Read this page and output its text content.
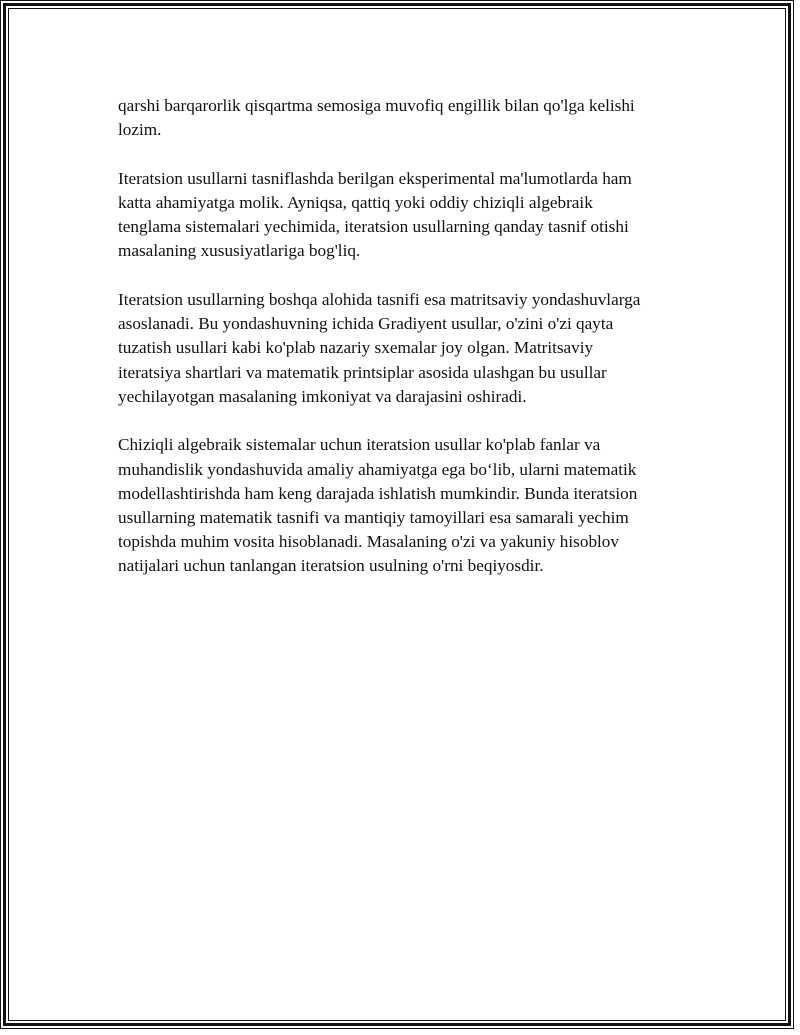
qarshi barqarorlik qisqartma semosiga muvofiq engillik bilan qo'lga kelishi
lozim.

Iteratsion usullarni tasniflashda berilgan eksperimental ma'lumotlarda ham
katta ahamiyatga molik. Ayniqsa, qattiq yoki oddiy chiziqli algebraik
tenglama sistemalari yechimida, iteratsion usullarning qanday tasnif otishi
masalaning xususiyatlariga bog'liq.

Iteratsion usullarning boshqa alohida tasnifi esa matritsaviy yondashuvlarga
asoslanadi. Bu yondashuvning ichida Gradiyent usullar, o'zini o'zi qayta
tuzatish usullari kabi ko'plab nazariy sxemalar joy olgan. Matritsaviy
iteratsiya shartlari va matematik printsiplar asosida ulashgan bu usullar
yechilayotgan masalaning imkoniyat va darajasini oshiradi.

Chiziqli algebraik sistemalar uchun iteratsion usullar ko'plab fanlar va
muhandislik yondashuvida amaliy ahamiyatga ega bo‘lib, ularni matematik
modellashtirishda ham keng darajada ishlatish mumkindir. Bunda iteratsion
usullarning matematik tasnifi va mantiqiy tamoyillari esa samarali yechim
topishda muhim vosita hisoblanadi. Masalaning o'zi va yakuniy hisoblov
natijalari uchun tanlangan iteratsion usulning o'rni beqiyosdir.
